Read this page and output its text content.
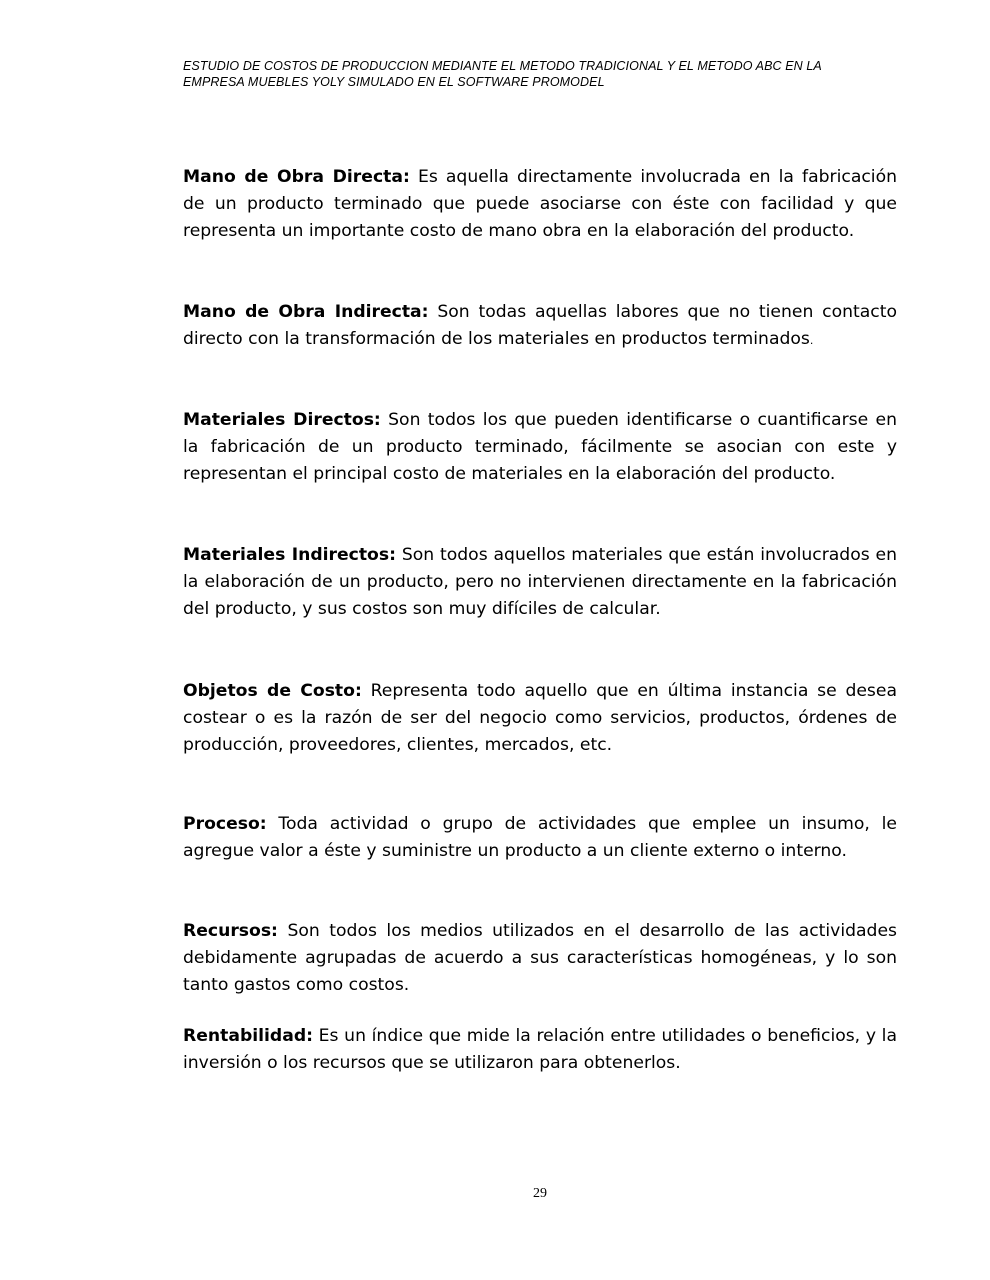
ESTUDIO DE COSTOS DE PRODUCCION MEDIANTE EL METODO TRADICIONAL Y EL METODO ABC EN LA
EMPRESA MUEBLES YOLY SIMULADO EN EL SOFTWARE PROMODEL

Mano de Obra Directa: Es aquella directamente involucrada en la fabricación de un producto terminado que puede asociarse con éste con facilidad y que representa un importante costo de mano obra en la elaboración del producto.

Mano de Obra Indirecta: Son todas aquellas labores que no tienen contacto directo con la transformación de los materiales en productos terminados.

Materiales Directos: Son todos los que pueden identificarse o cuantificarse en la fabricación de un producto terminado, fácilmente se asocian con este y representan el principal costo de materiales en la elaboración del producto.

Materiales Indirectos: Son todos aquellos materiales que están involucrados en la elaboración de un producto, pero no intervienen directamente en la fabricación del producto, y sus costos son muy difíciles de calcular.

Objetos de Costo: Representa todo aquello que en última instancia se desea costear o es la razón de ser del negocio como servicios, productos, órdenes de producción, proveedores, clientes, mercados, etc.

Proceso: Toda actividad o grupo de actividades que emplee un insumo, le agregue valor a éste y suministre un producto a un cliente externo o interno.

Recursos: Son todos los medios utilizados en el desarrollo de las actividades debidamente agrupadas de acuerdo a sus características homogéneas, y lo son tanto gastos como costos.

Rentabilidad: Es un índice que mide la relación entre utilidades o beneficios, y la inversión o los recursos que se utilizaron para obtenerlos.

29
